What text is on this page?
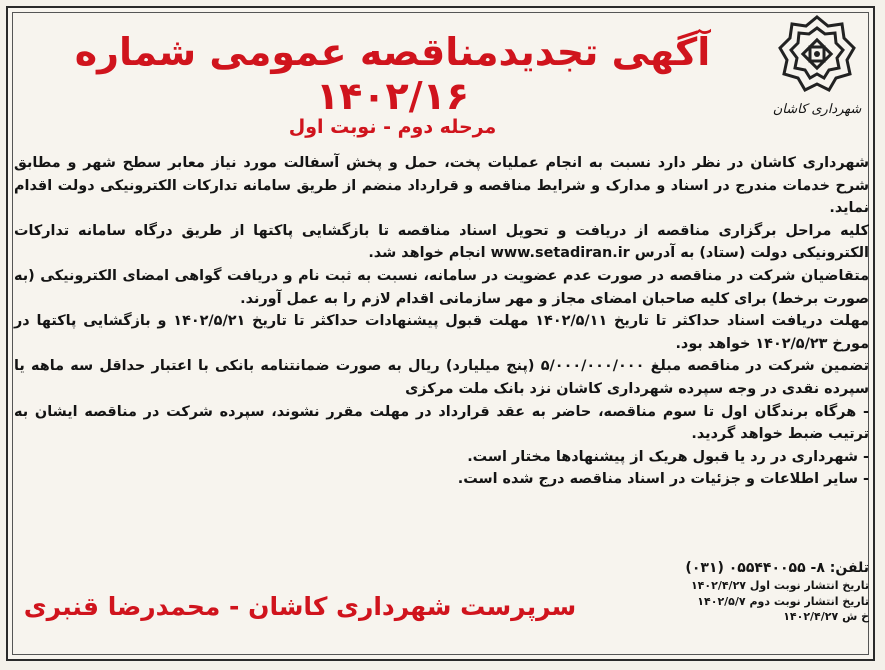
شهرداری کاشان
آگهی تجدیدمناقصه عمومی شماره ۱۴۰۲/۱۶
مرحله دوم - نوبت اول

شهرداری کاشان در نظر دارد نسبت به انجام عملیات پخت، حمل و پخش آسفالت مورد نیاز معابر سطح شهر و مطابق شرح خدمات مندرج در اسناد و مدارک و شرایط مناقصه و قرارداد منضم از طریق سامانه تدارکات الکترونیکی دولت اقدام نماید.

کلیه مراحل برگزاری مناقصه از دریافت و تحویل اسناد مناقصه تا بازگشایی پاکتها از طریق درگاه سامانه تدارکات الکترونیکی دولت (ستاد) به آدرس www.setadiran.ir انجام خواهد شد.

متقاضیان شرکت در مناقصه در صورت عدم عضویت در سامانه، نسبت به ثبت نام و دریافت گواهی امضای الکترونیکی (به صورت برخط) برای کلیه صاحبان امضای مجاز و مهر سازمانی اقدام لازم را به عمل آورند.

مهلت دریافت اسناد حداکثر تا تاریخ ۱۴۰۲/۵/۱۱ مهلت قبول پیشنهادات حداکثر تا تاریخ ۱۴۰۲/۵/۲۱ و بازگشایی پاکتها در مورخ ۱۴۰۲/۵/۲۳ خواهد بود.

تضمین شرکت در مناقصه مبلغ ۵/۰۰۰/۰۰۰/۰۰۰ (پنج میلیارد) ریال به صورت ضمانتنامه بانکی با اعتبار حداقل سه ماهه یا سپرده نقدی در وجه سپرده شهرداری کاشان نزد بانک ملت مرکزی

- هرگاه برندگان اول تا سوم مناقصه، حاضر به عقد قرارداد در مهلت مقرر نشوند، سپرده شرکت در مناقصه ایشان به ترتیب ضبط خواهد گردید.

- شهرداری در رد یا قبول هریک از پیشنهادها مختار است.

- سایر اطلاعات و جزئیات در اسناد مناقصه درج شده است.

تلفن: ۸- ۰۵۵۴۴۰۰۵۵ (۰۳۱)
تاریخ انتشار نوبت اول ۱۴۰۲/۴/۲۷
تاریخ انتشار نوبت دوم ۱۴۰۲/۵/۷
خ ش ۱۴۰۲/۴/۲۷
سرپرست شهرداری کاشان - محمدرضا قنبری
